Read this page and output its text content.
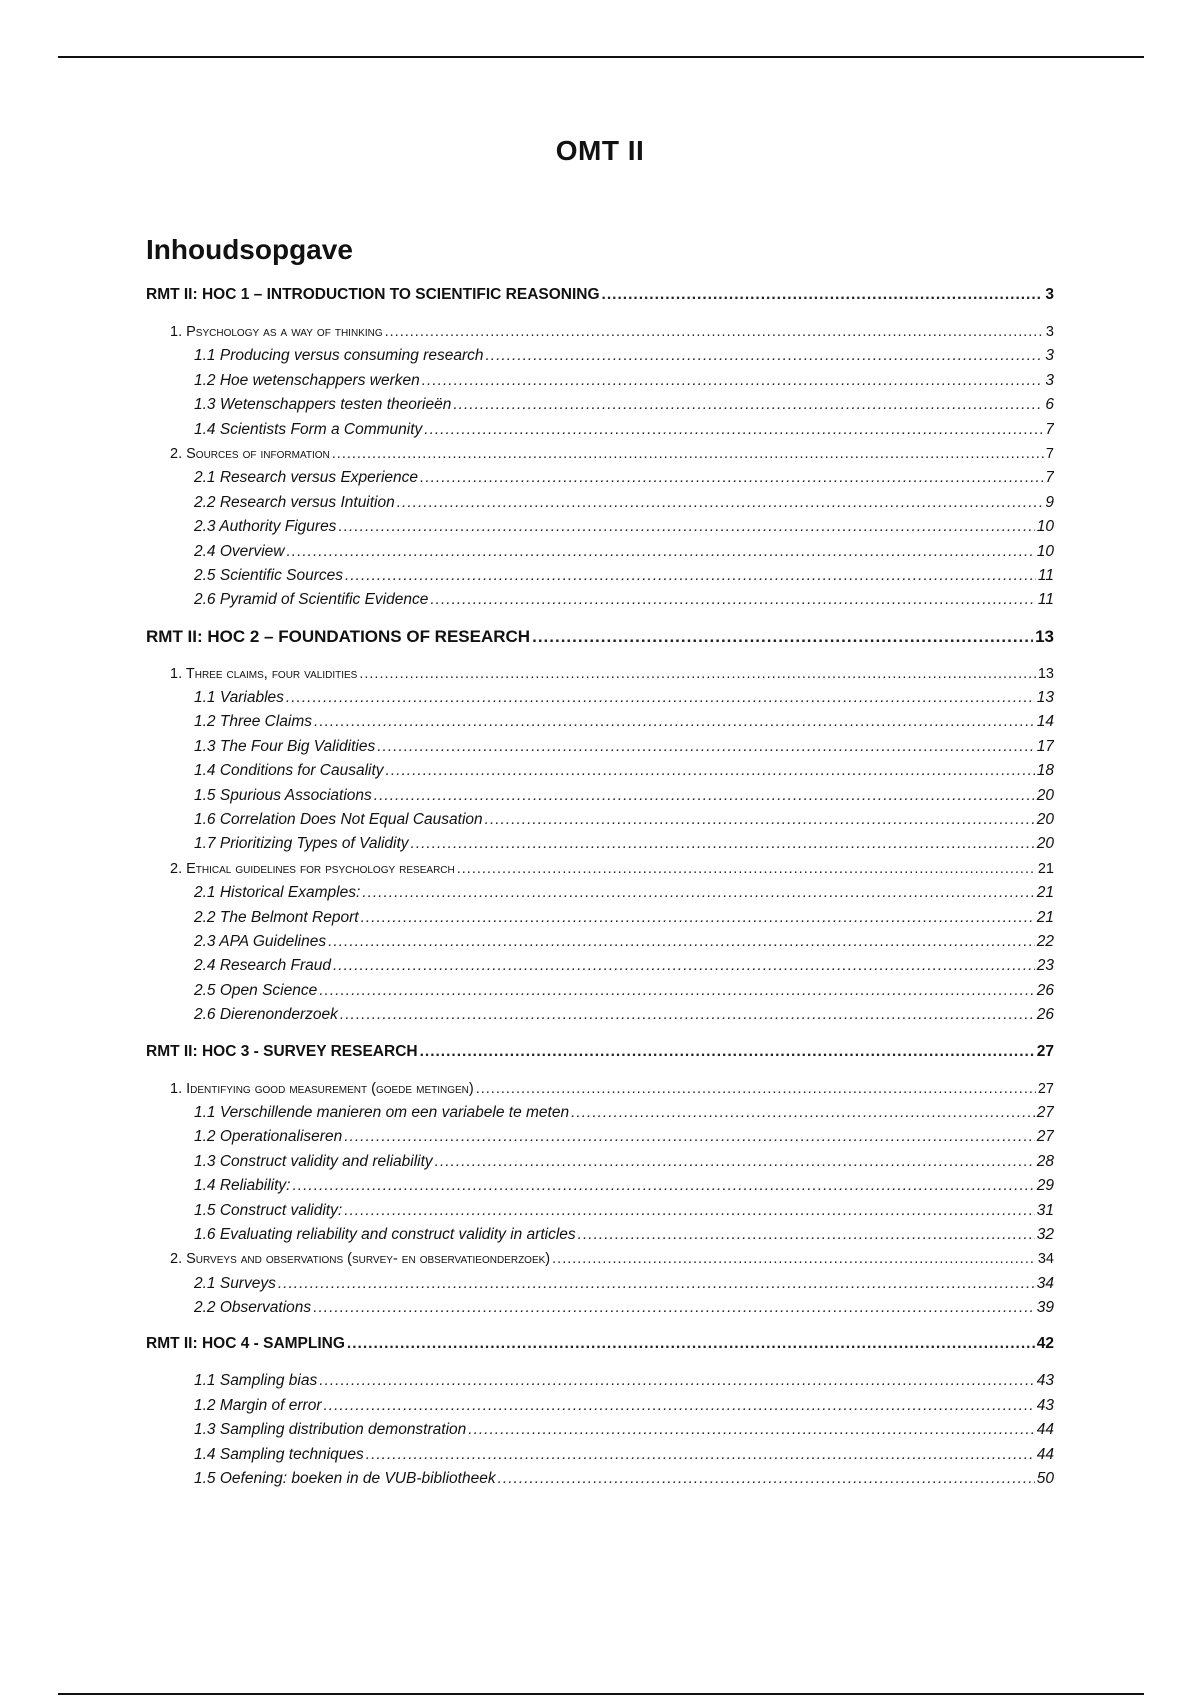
OMT II
Inhoudsopgave
RMT II: HOC 1 – INTRODUCTION TO SCIENTIFIC REASONING .....	3
1. Psychology as a way of thinking .....	3
1.1 Producing versus consuming research .....	3
1.2 Hoe wetenschappers werken .....	3
1.3 Wetenschappers testen theorieën .....	6
1.4 Scientists Form a Community .....	7
2. Sources of information .....	7
2.1 Research versus Experience .....	7
2.2 Research versus Intuition .....	9
2.3 Authority Figures .....	10
2.4 Overview .....	10
2.5 Scientific Sources .....	11
2.6 Pyramid of Scientific Evidence .....	11
RMT II: HOC 2 – FOUNDATIONS OF RESEARCH .....	13
1. Three claims, four validities .....	13
1.1 Variables .....	13
1.2 Three Claims .....	14
1.3 The Four Big Validities .....	17
1.4 Conditions for Causality .....	18
1.5 Spurious Associations .....	20
1.6 Correlation Does Not Equal Causation .....	20
1.7 Prioritizing Types of Validity .....	20
2. Ethical guidelines for psychology research .....	21
2.1 Historical Examples: .....	21
2.2 The Belmont Report .....	21
2.3 APA Guidelines .....	22
2.4 Research Fraud .....	23
2.5 Open Science .....	26
2.6 Dierenonderzoek .....	26
RMT II: HOC 3 - SURVEY RESEARCH .....	27
1. Identifying good measurement (goede metingen) .....	27
1.1 Verschillende manieren om een variabele te meten .....	27
1.2 Operationaliseren .....	27
1.3 Construct validity and reliability .....	28
1.4 Reliability: .....	29
1.5 Construct validity: .....	31
1.6 Evaluating reliability and construct validity in articles .....	32
2. Surveys and observations (survey- en observatieonderzoek) .....	34
2.1 Surveys .....	34
2.2 Observations .....	39
RMT II: HOC 4 - SAMPLING .....	42
1.1 Sampling bias .....	43
1.2 Margin of error .....	43
1.3 Sampling distribution demonstration .....	44
1.4 Sampling techniques .....	44
1.5 Oefening: boeken in de VUB-bibliotheek .....	50
